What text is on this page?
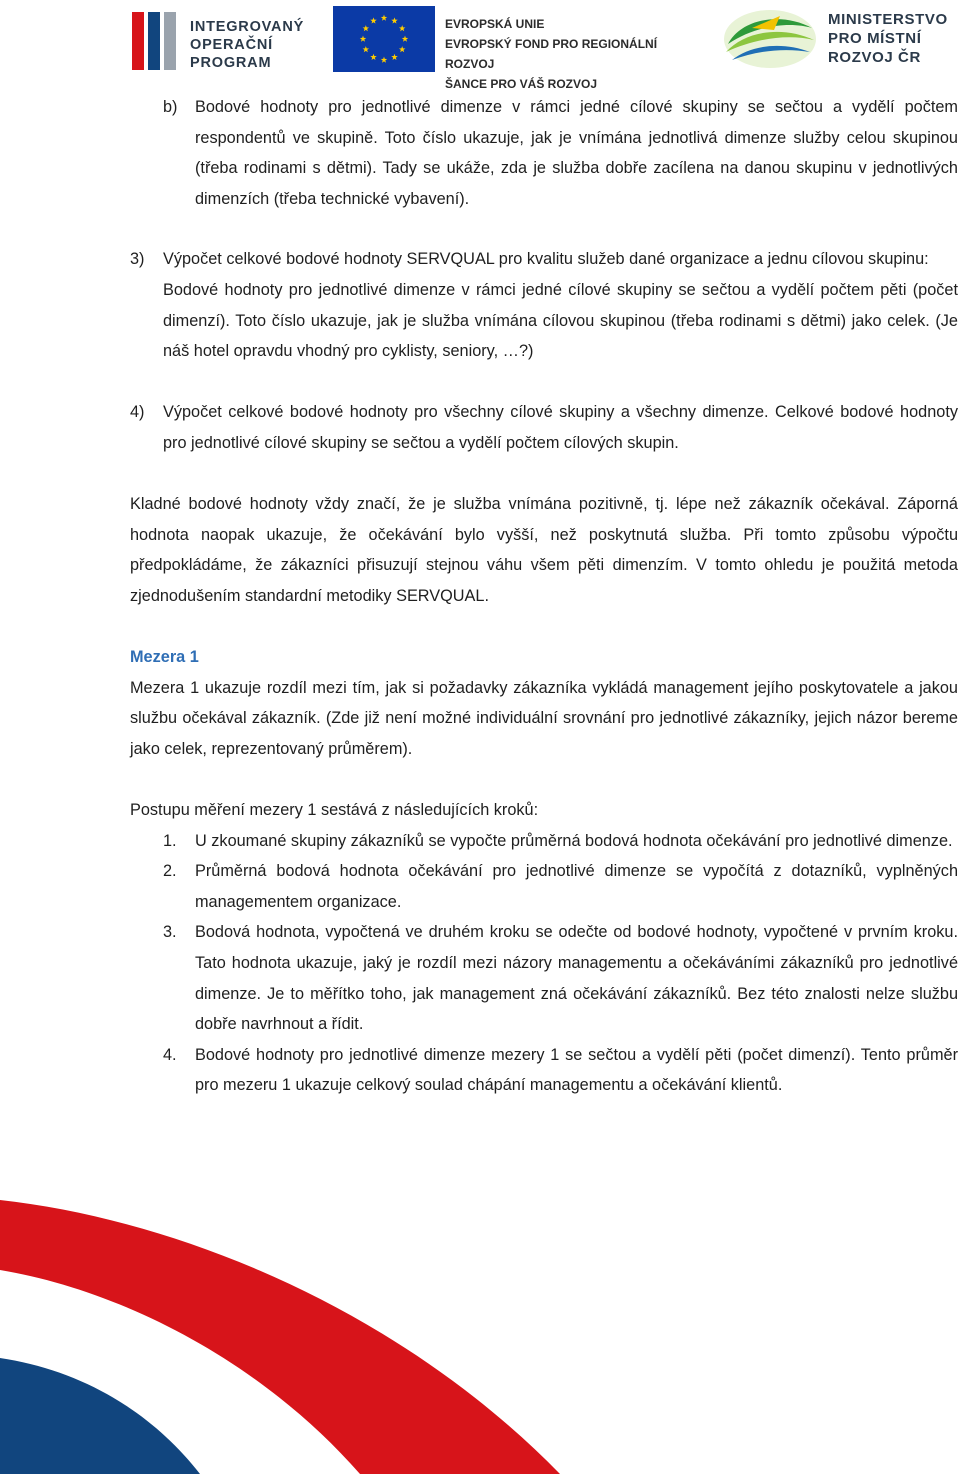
INTEGROVANÝ
OPERAČNÍ
PROGRAM
EVROPSKÁ UNIE
EVROPSKÝ FOND PRO REGIONÁLNÍ ROZVOJ
ŠANCE PRO VÁŠ ROZVOJ
MINISTERSTVO
PRO MÍSTNÍ
ROZVOJ ČR
b) Bodové hodnoty pro jednotlivé dimenze v rámci jedné cílové skupiny se sečtou a vydělí počtem respondentů ve skupině. Toto číslo ukazuje, jak je vnímána jednotlivá dimenze služby celou skupinou (třeba rodinami s dětmi). Tady se ukáže, zda je služba dobře zacílena na danou skupinu v jednotlivých dimenzích (třeba technické vybavení).

3) Výpočet celkové bodové hodnoty SERVQUAL pro kvalitu služeb dané organizace a jednu cílovou skupinu:

Bodové hodnoty pro jednotlivé dimenze v rámci jedné cílové skupiny se sečtou a vydělí počtem pěti (počet dimenzí). Toto číslo ukazuje, jak je služba vnímána cílovou skupinou (třeba rodinami s dětmi) jako celek. (Je náš hotel opravdu vhodný pro cyklisty, seniory, …?)

4) Výpočet celkové bodové hodnoty pro všechny cílové skupiny a všechny dimenze. Celkové bodové hodnoty pro jednotlivé cílové skupiny se sečtou a vydělí počtem cílových skupin.

Kladné bodové hodnoty vždy značí, že je služba vnímána pozitivně, tj. lépe než zákazník očekával. Záporná hodnota naopak ukazuje, že očekávání bylo vyšší, než poskytnutá služba. Při tomto způsobu výpočtu předpokládáme, že zákazníci přisuzují stejnou váhu všem pěti dimenzím. V tomto ohledu je použitá metoda zjednodušením standardní metodiky SERVQUAL.

Mezera 1

Mezera 1 ukazuje rozdíl mezi tím, jak si požadavky zákazníka vykládá management jejího poskytovatele a jakou službu očekával zákazník. (Zde již není možné individuální srovnání pro jednotlivé zákazníky, jejich názor bereme jako celek, reprezentovaný průměrem).

Postupu měření mezery 1 sestává z následujících kroků:

1. U zkoumané skupiny zákazníků se vypočte průměrná bodová hodnota očekávání pro jednotlivé dimenze.
2. Průměrná bodová hodnota očekávání pro jednotlivé dimenze se vypočítá z dotazníků, vyplněných managementem organizace.
3. Bodová hodnota, vypočtená ve druhém kroku se odečte od bodové hodnoty, vypočtené v prvním kroku. Tato hodnota ukazuje, jaký je rozdíl mezi názory managementu a očekáváními zákazníků pro jednotlivé dimenze. Je to měřítko toho, jak management zná očekávání zákazníků. Bez této znalosti nelze službu dobře navrhnout a řídit.
4. Bodové hodnoty pro jednotlivé dimenze mezery 1 se sečtou a vydělí pěti (počet dimenzí). Tento průměr pro mezeru 1 ukazuje celkový soulad chápání managementu a očekávání klientů.
